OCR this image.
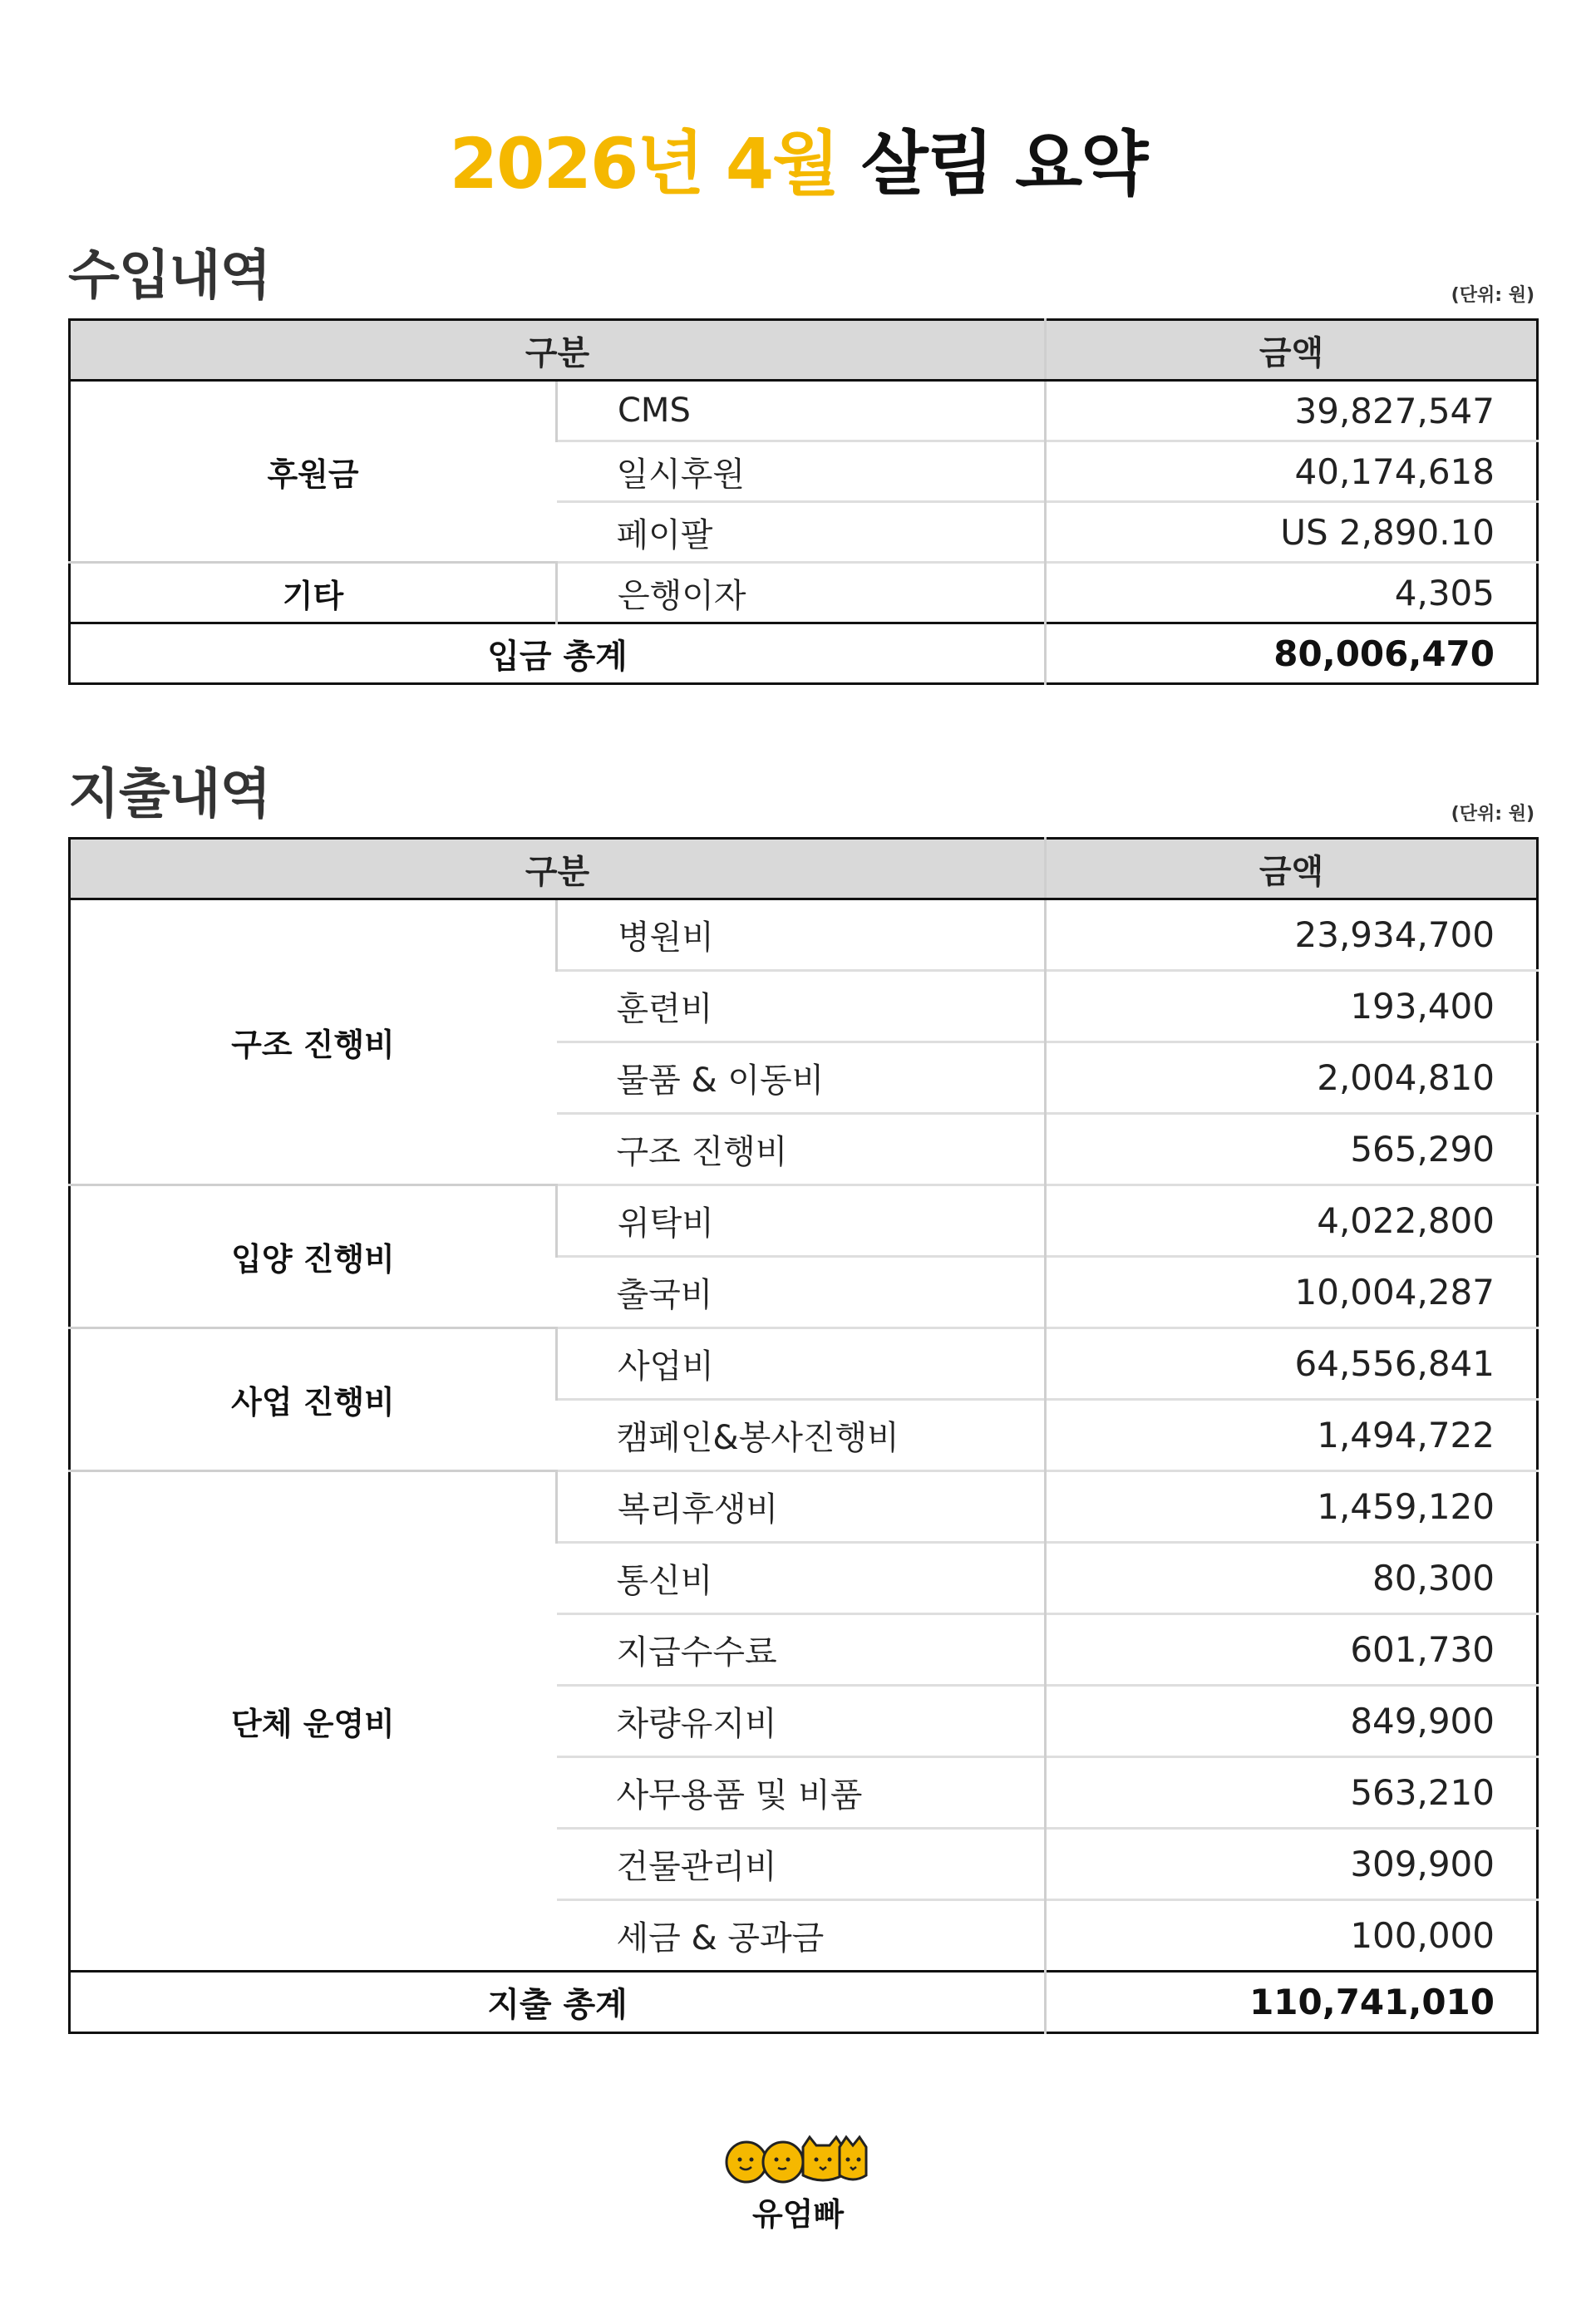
2026년 4월 살림 요약
수입내역	(단위: 원)
구분		금액
후원금	CMS	39,827,547
	일시후원	40,174,618
	페이팔	US 2,890.10
기타	은행이자	4,305
입금 총계		80,006,470
지출내역	(단위: 원)
구분		금액
구조 진행비	병원비	23,934,700
	훈련비	193,400
	물품 & 이동비	2,004,810
	구조 진행비	565,290
입양 진행비	위탁비	4,022,800
	출국비	10,004,287
사업 진행비	사업비	64,556,841
	캠페인&봉사진행비	1,494,722
단체 운영비	복리후생비	1,459,120
	통신비	80,300
	지급수수료	601,730
	차량유지비	849,900
	사무용품 및 비품	563,210
	건물관리비	309,900
	세금 & 공과금	100,000
지출 총계		110,741,010
유엄빠
